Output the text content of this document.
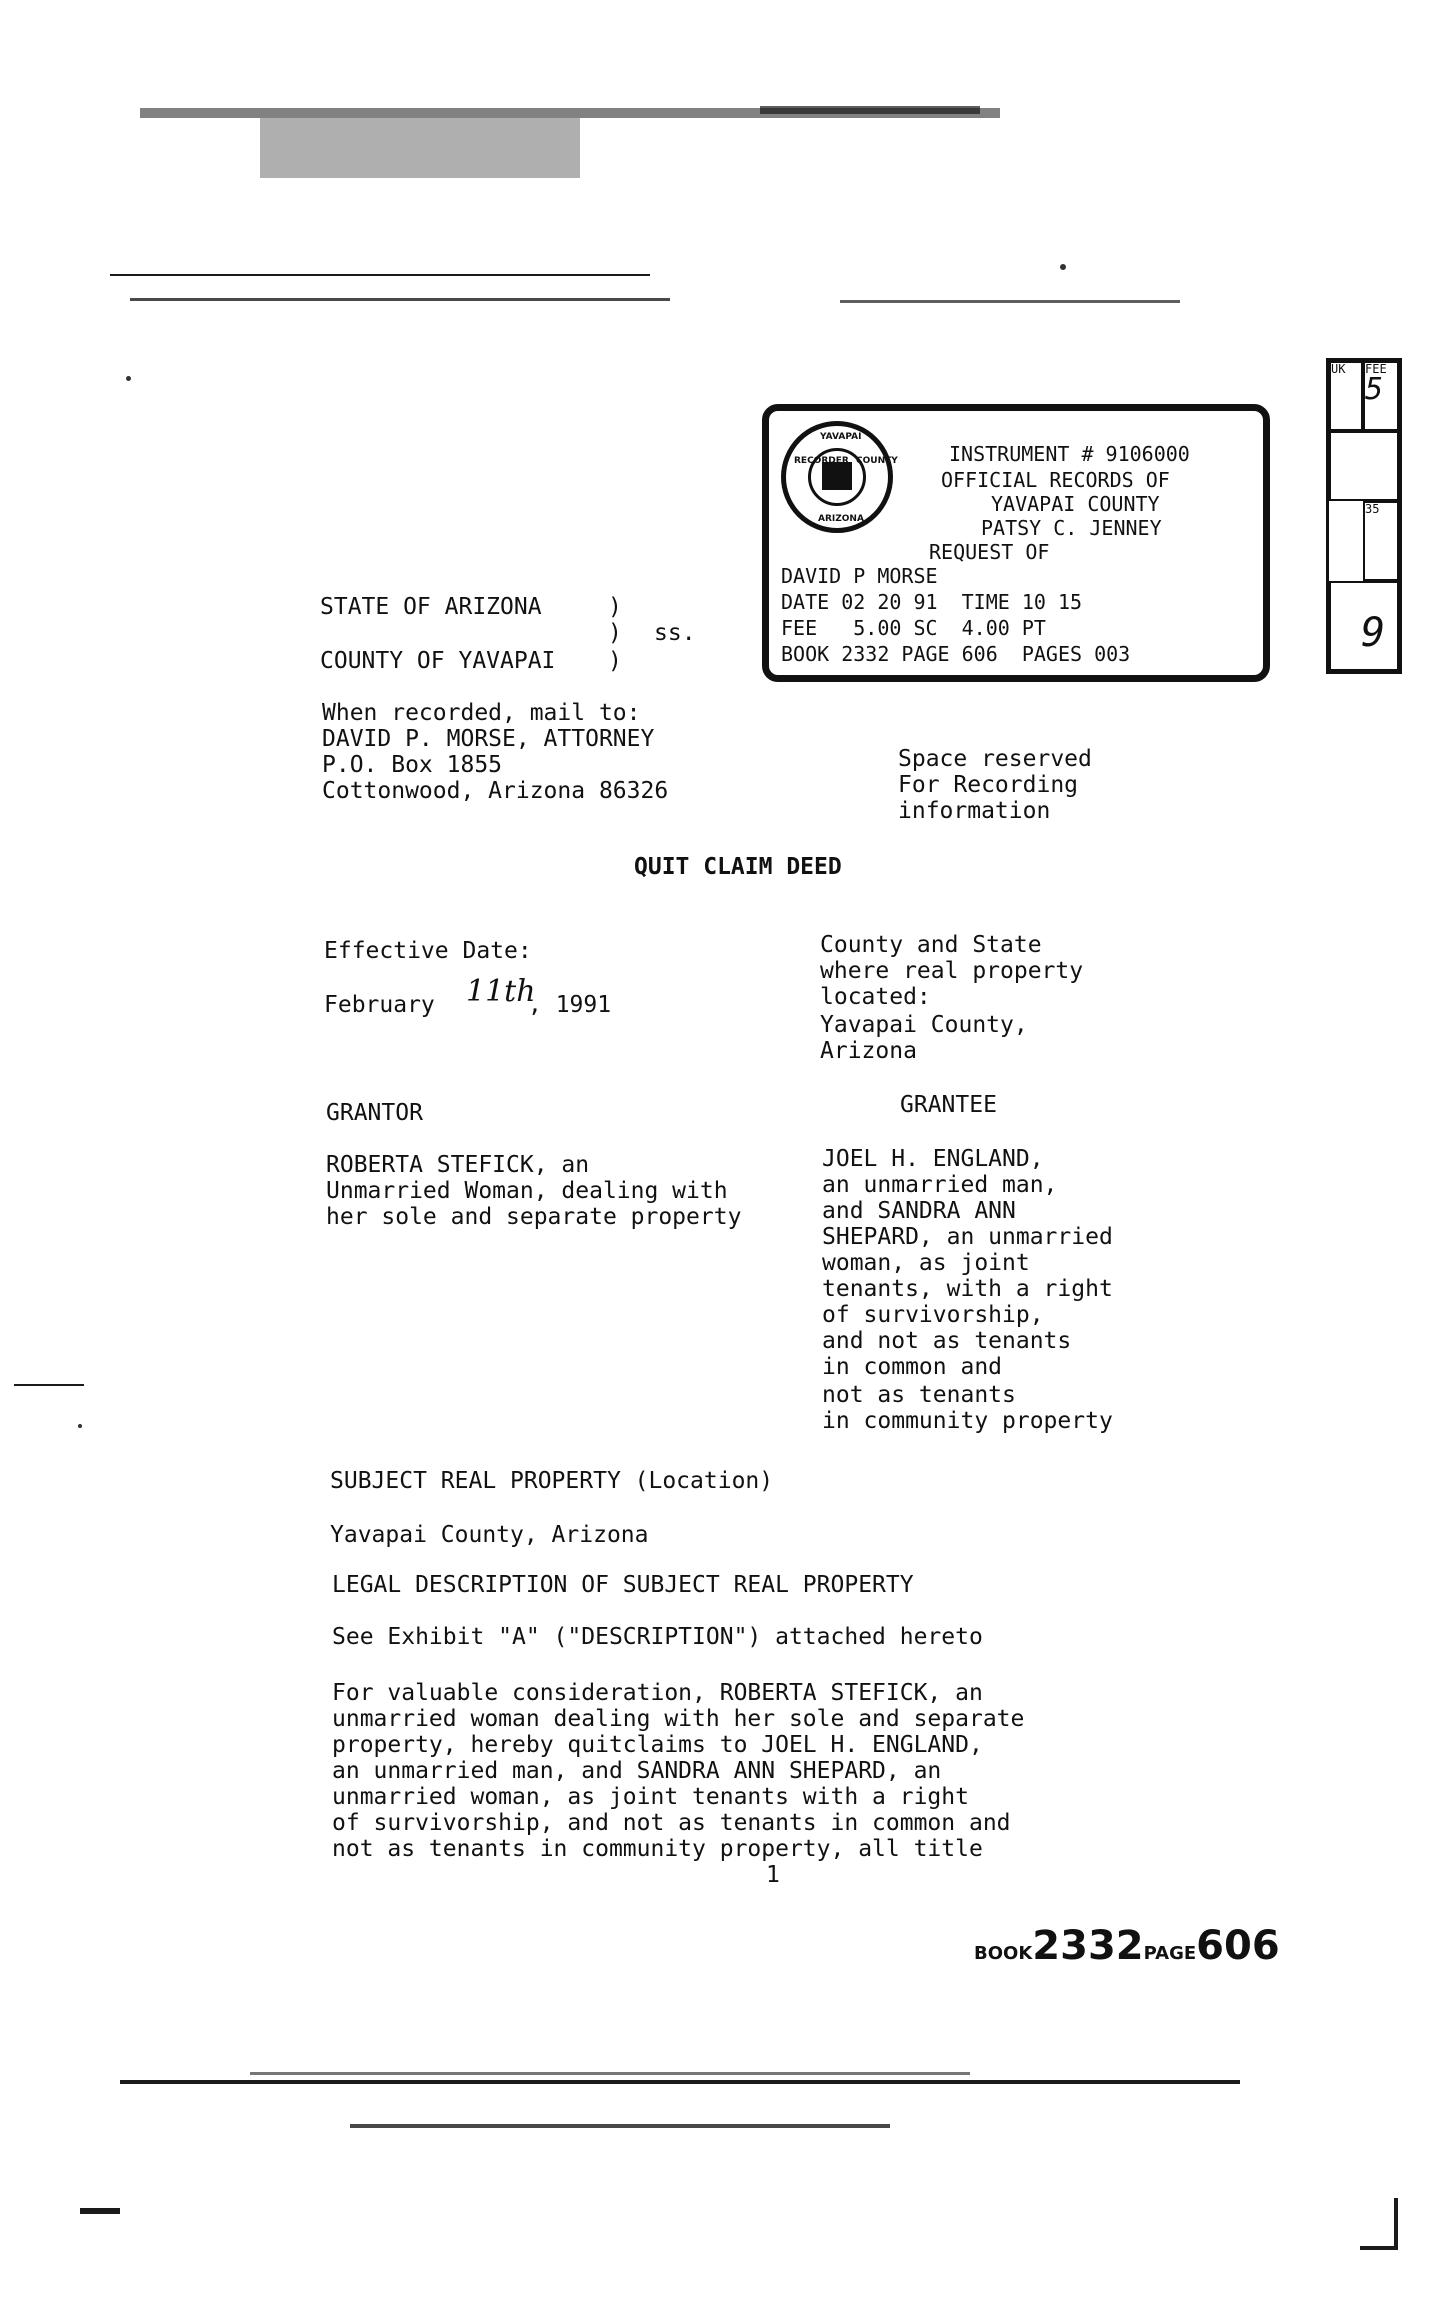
RECORDER
YAVAPAI
COUNTY
ARIZONA
INSTRUMENT # 9106000
OFFICIAL RECORDS OF
YAVAPAI COUNTY
PATSY C. JENNEY
REQUEST OF
DAVID P MORSE
DATE 02 20 91  TIME 10 15
FEE   5.00 SC  4.00 PT
BOOK 2332 PAGE 606  PAGES 003
UK	FEE
5
35
9
STATE OF ARIZONA	)
) ss.
COUNTY OF YAVAPAI )
When recorded, mail to:
DAVID P. MORSE, ATTORNEY
P.O. Box 1855
Cottonwood, Arizona 86326
Space reserved
For Recording
information
QUIT CLAIM DEED
Effective Date:
February 11th
, 1991
County and State
where real property
located:
Yavapai County,
Arizona
GRANTOR
ROBERTA STEFICK, an
Unmarried Woman, dealing with
her sole and separate property
GRANTEE
JOEL H. ENGLAND,
an unmarried man,
and SANDRA ANN
SHEPARD, an unmarried
woman, as joint
tenants, with a right
of survivorship,
and not as tenants
in common and
not as tenants
in community property
SUBJECT REAL PROPERTY (Location)
Yavapai County, Arizona
LEGAL DESCRIPTION OF SUBJECT REAL PROPERTY
See Exhibit "A" ("DESCRIPTION") attached hereto
For valuable consideration, ROBERTA STEFICK, an
unmarried woman dealing with her sole and separate
property, hereby quitclaims to JOEL H. ENGLAND,
an unmarried man, and SANDRA ANN SHEPARD, an
unmarried woman, as joint tenants with a right
of survivorship, and not as tenants in common and
not as tenants in community property, all title
1

BOOK2332PAGE606
